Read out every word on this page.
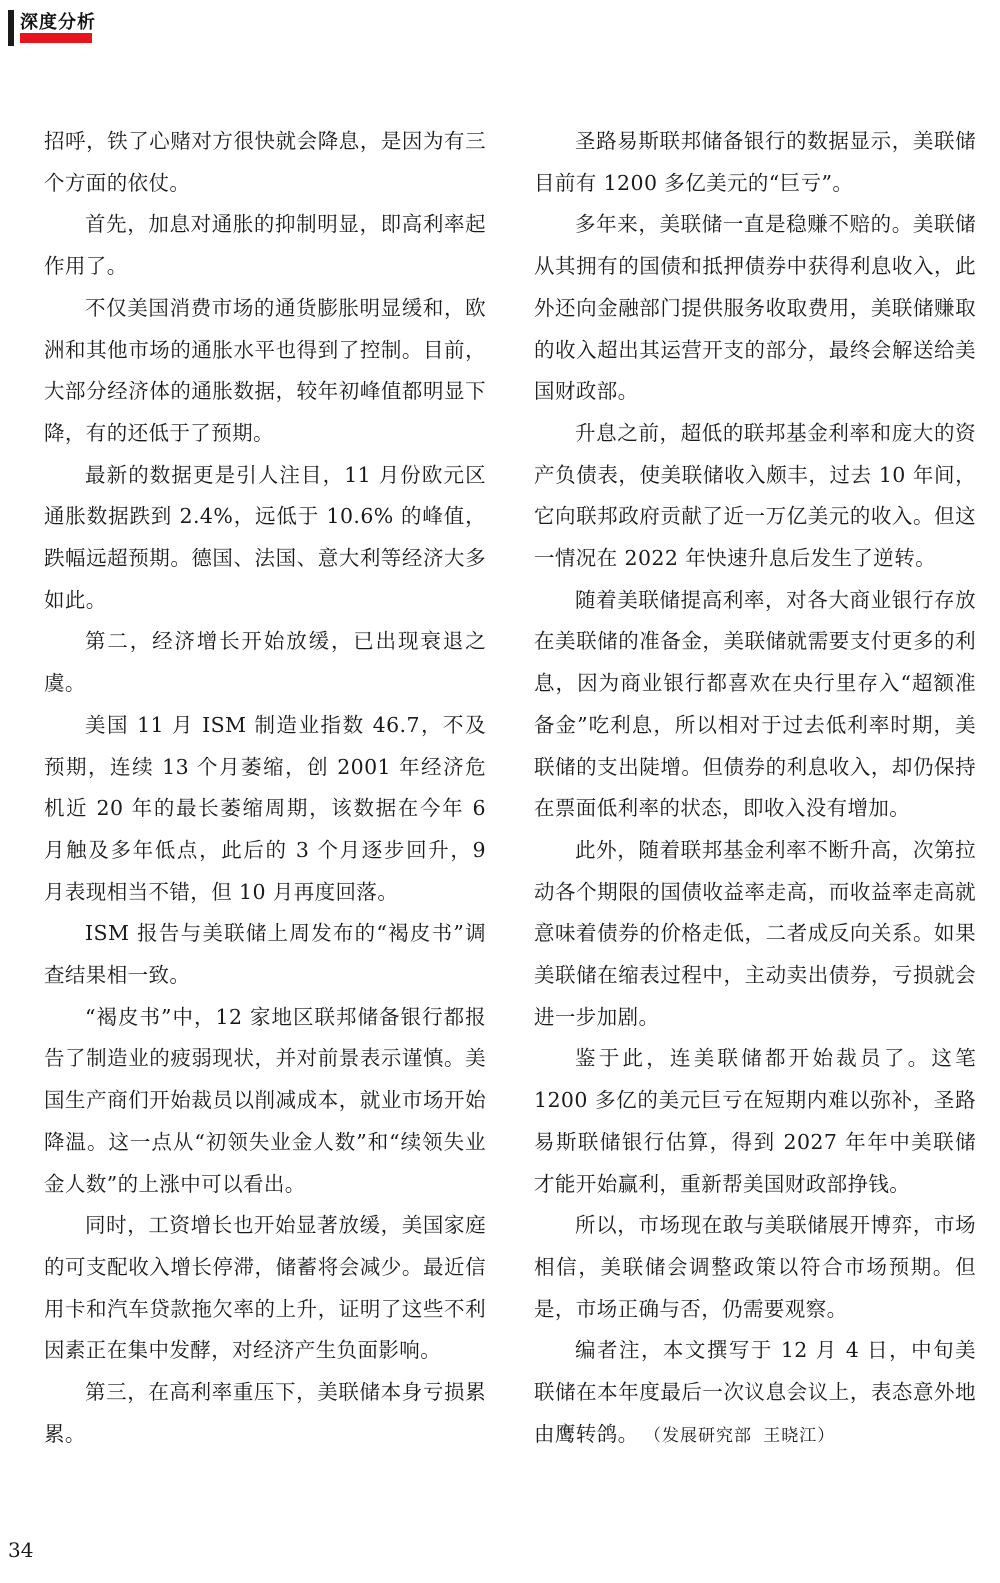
深度分析

招呼，铁了心赌对方很快就会降息，是因为有三个方面的依仗。

首先，加息对通胀的抑制明显，即高利率起作用了。

不仅美国消费市场的通货膨胀明显缓和，欧洲和其他市场的通胀水平也得到了控制。目前，大部分经济体的通胀数据，较年初峰值都明显下降，有的还低于了预期。

最新的数据更是引人注目，11 月份欧元区通胀数据跌到 2.4%，远低于 10.6% 的峰值，跌幅远超预期。德国、法国、意大利等经济大多如此。

第二，经济增长开始放缓，已出现衰退之虞。

美国 11 月 ISM 制造业指数 46.7，不及预期，连续 13 个月萎缩，创 2001 年经济危机近 20 年的最长萎缩周期，该数据在今年 6 月触及多年低点，此后的 3 个月逐步回升，9 月表现相当不错，但 10 月再度回落。

ISM 报告与美联储上周发布的“褐皮书”调查结果相一致。

“褐皮书”中，12 家地区联邦储备银行都报告了制造业的疲弱现状，并对前景表示谨慎。美国生产商们开始裁员以削减成本，就业市场开始降温。这一点从“初领失业金人数”和“续领失业金人数”的上涨中可以看出。

同时，工资增长也开始显著放缓，美国家庭的可支配收入增长停滞，储蓄将会减少。最近信用卡和汽车贷款拖欠率的上升，证明了这些不利因素正在集中发酵，对经济产生负面影响。

第三，在高利率重压下，美联储本身亏损累累。

圣路易斯联邦储备银行的数据显示，美联储目前有 1200 多亿美元的“巨亏”。

多年来，美联储一直是稳赚不赔的。美联储从其拥有的国债和抵押债券中获得利息收入，此外还向金融部门提供服务收取费用，美联储赚取的收入超出其运营开支的部分，最终会解送给美国财政部。

升息之前，超低的联邦基金利率和庞大的资产负债表，使美联储收入颇丰，过去 10 年间，它向联邦政府贡献了近一万亿美元的收入。但这一情况在 2022 年快速升息后发生了逆转。

随着美联储提高利率，对各大商业银行存放在美联储的准备金，美联储就需要支付更多的利息，因为商业银行都喜欢在央行里存入“超额准备金”吃利息，所以相对于过去低利率时期，美联储的支出陡增。但债券的利息收入，却仍保持在票面低利率的状态，即收入没有增加。

此外，随着联邦基金利率不断升高，次第拉动各个期限的国债收益率走高，而收益率走高就意味着债券的价格走低，二者成反向关系。如果美联储在缩表过程中，主动卖出债券，亏损就会进一步加剧。

鉴于此，连美联储都开始裁员了。这笔 1200 多亿的美元巨亏在短期内难以弥补，圣路易斯联储银行估算，得到 2027 年年中美联储才能开始赢利，重新帮美国财政部挣钱。

所以，市场现在敢与美联储展开博弈，市场相信，美联储会调整政策以符合市场预期。但是，市场正确与否，仍需要观察。

编者注，本文撰写于 12 月 4 日，中旬美联储在本年度最后一次议息会议上，表态意外地由鹰转鸽。 （发展研究部 王晓江）

34
